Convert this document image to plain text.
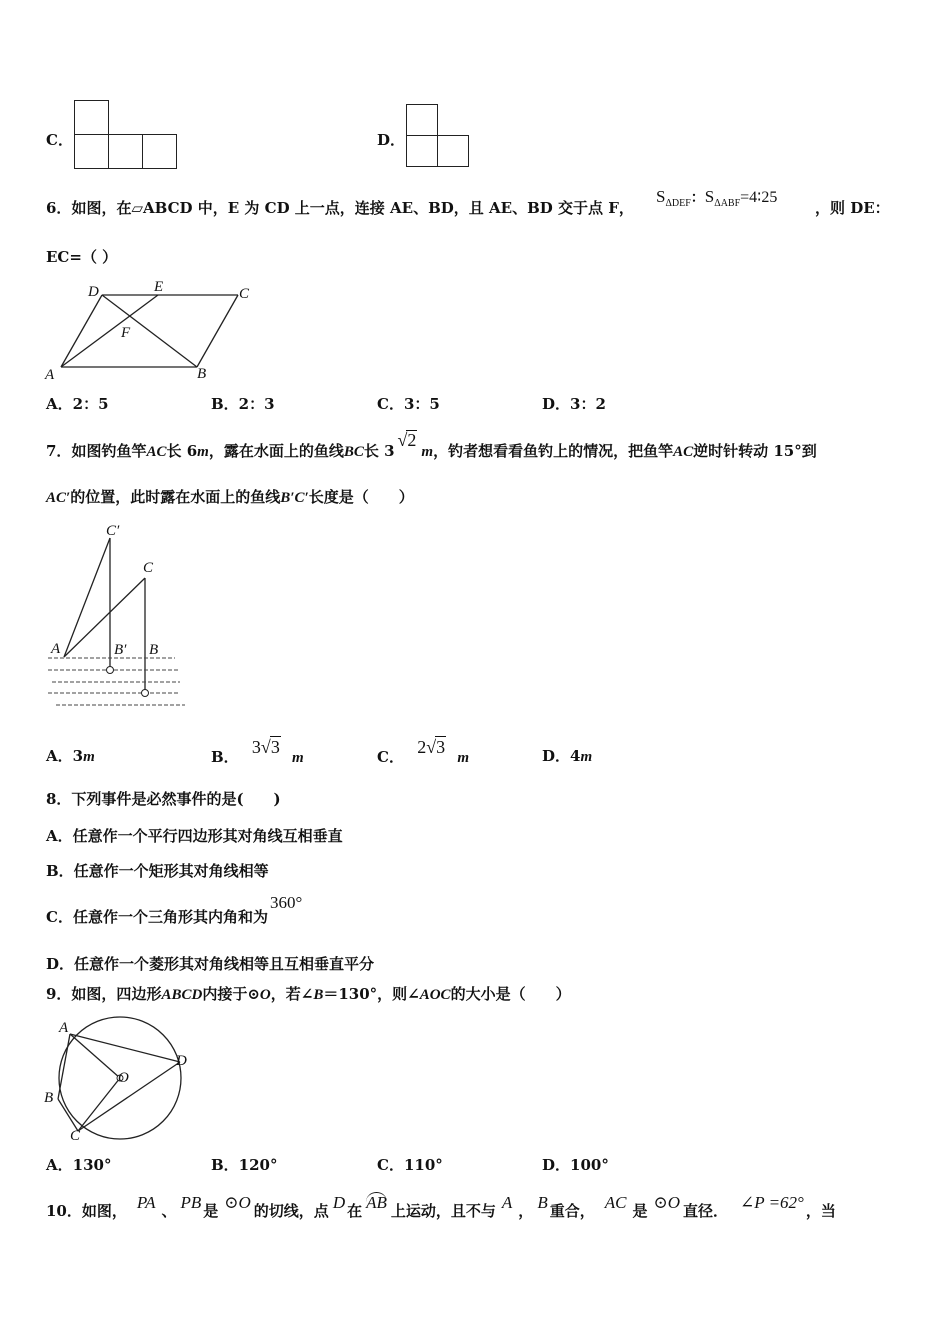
C．	D．
6．如图，在▱ABCD 中，E 为 CD 上一点，连接 AE、BD，且 AE、BD 交于点 F，
$S_{\Delta DEF}$：$S_{\Delta ABF}=4∶25$
，则 DE：
EC=（ ）
D	E	C
F
A	B
A．2：5	B．2：3	C．3：5	D．3：2
7．如图钓鱼竿AC长 6m，露在水面上的鱼线BC长 3√2m，钓者想看看鱼钓上的情况，把鱼竿AC逆时针转动 15°到
AC′的位置，此时露在水面上的鱼线B′C′长度是（　　）
C′
C
A	B′ B
A．3m	B． 3√3 m	C． 2√3 m	D．4m
8．下列事件是必然事件的是(　　)
A．任意作一个平行四边形其对角线互相垂直
B．任意作一个矩形其对角线相等
C．任意作一个三角形其内角和为360°
D．任意作一个菱形其对角线相等且互相垂直平分
9．如图，四边形ABCD内接于⊙O，若∠B＝130°，则∠AOC的大小是（　　）
A
B
C
D
O
A．130°	B．120°	C．110°	D．100°
10．如图， PA 、 PB 是 ⊙O 的切线，点 D 在 AB 上运动，且不与 A ， B 重合， AC 是 ⊙O 直径． ∠P =62° ，当
